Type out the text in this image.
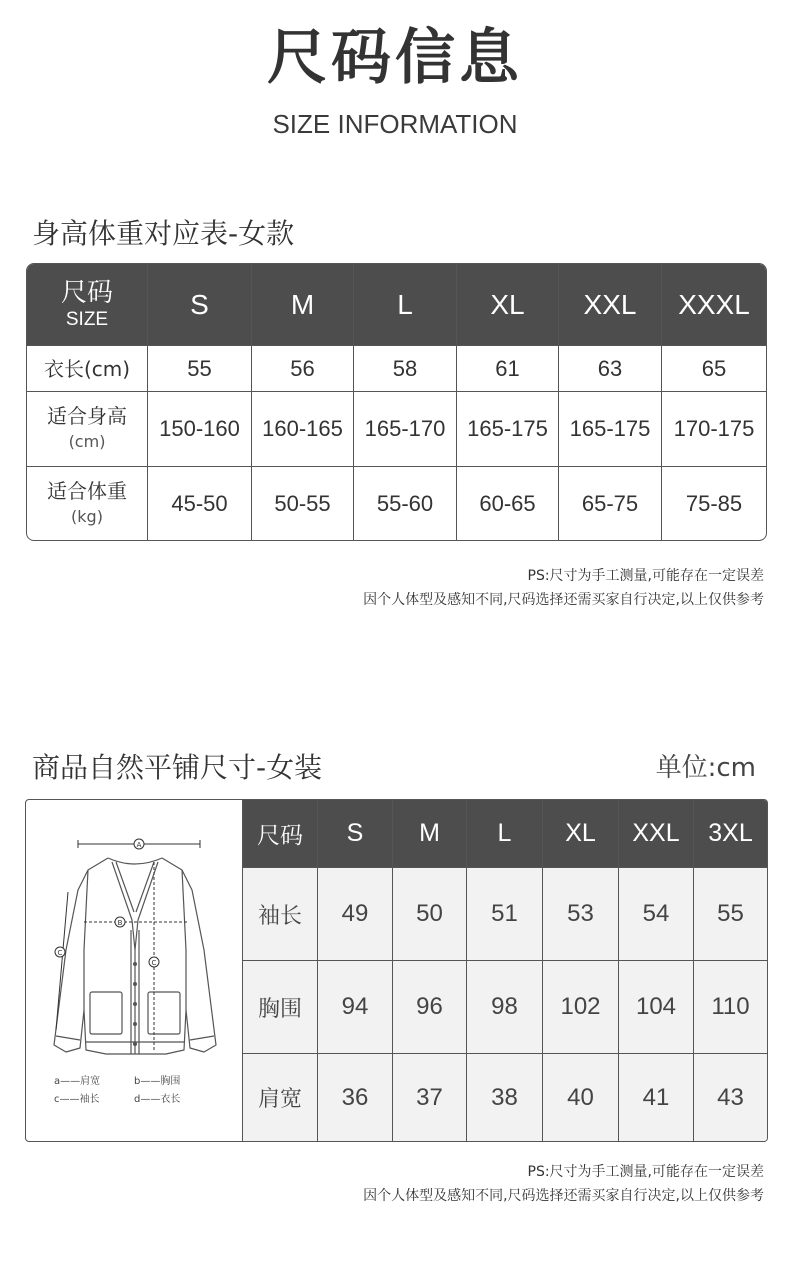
尺码信息
SIZE INFORMATION
身高体重对应表-女款
尺码
SIZE	S	M	L	XL	XXL	XXXL
衣长(cm)	55	56	58	61	63	65

适合身高
(cm)	150-160	160-165	165-170	165-175	165-175	170-175

适合体重
(kg)	45-50	50-55	55-60	60-65	65-75	75-85
PS:尺寸为手工测量,可能存在一定误差
因个人体型及感知不同,尺码选择还需买家自行决定,以上仅供参考
商品自然平铺尺寸-女装	单位:cm
A
B
C
C
a——肩宽	b——胸围
c——袖长	d——衣长
尺码	S	M	L	XL	XXL	3XL
袖长	49	50	51	53	54	55
胸围	94	96	98	102	104	110
肩宽	36	37	38	40	41	43
PS:尺寸为手工测量,可能存在一定误差
因个人体型及感知不同,尺码选择还需买家自行决定,以上仅供参考
